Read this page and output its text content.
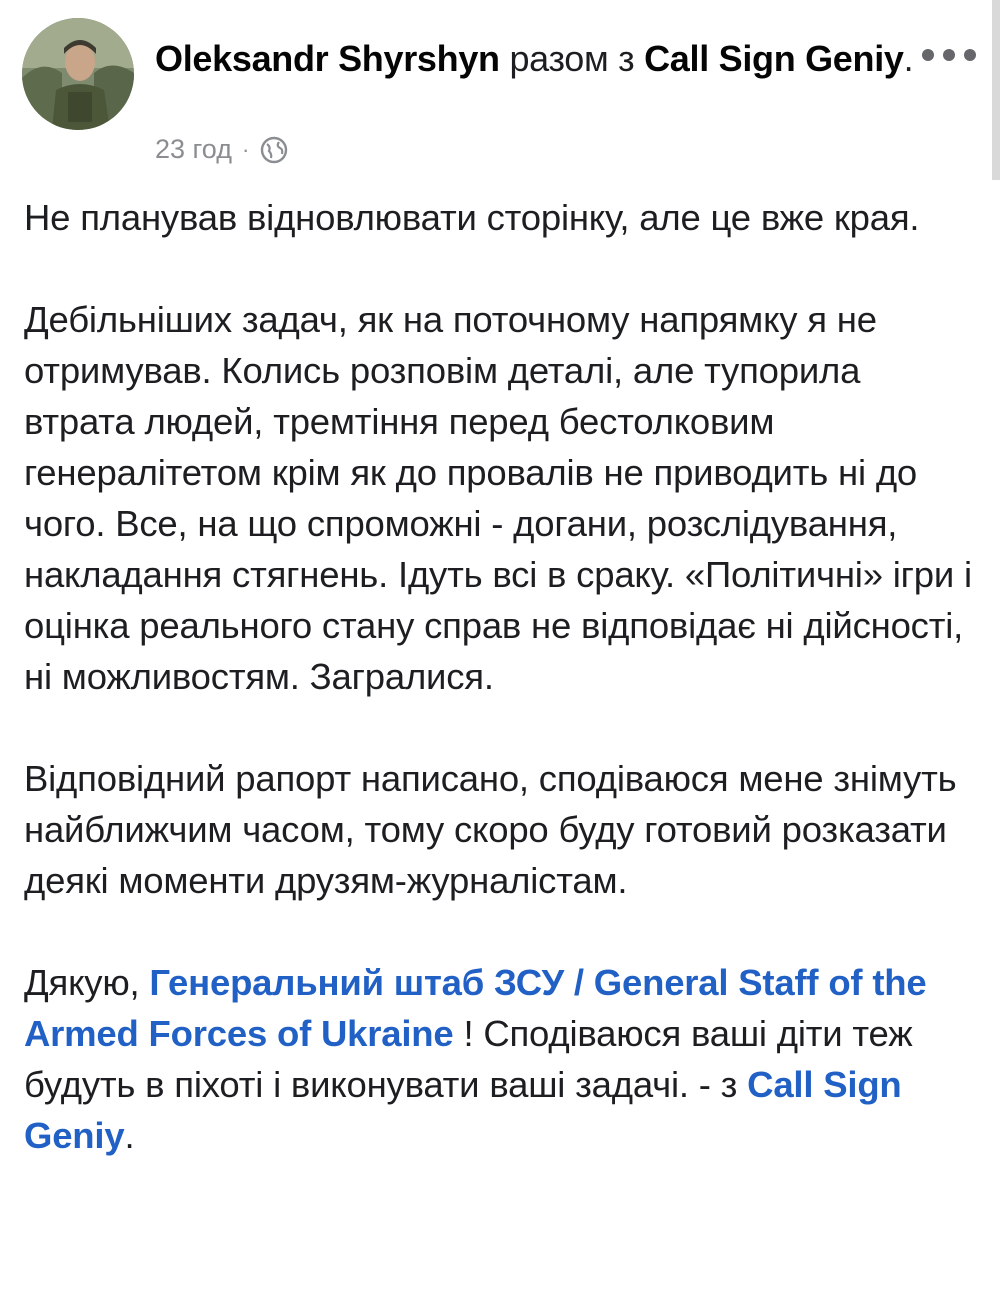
Oleksandr Shyrshyn разом з Call Sign Geniy.
23 год ·

Не планував відновлювати сторінку, але це вже края.

Дебільніших задач, як на поточному напрямку я не отримував. Колись розповім деталі, але тупорила втрата людей, тремтіння перед бестолковим генералітетом крім як до провалів не приводить ні до чого. Все, на що спроможні - догани, розслідування, накладання стягнень. Ідуть всі в сраку. «Політичні» ігри і оцінка реального стану справ не відповідає ні дійсності, ні можливостям. Загралися.

Відповідний рапорт написано, сподіваюся мене знімуть найближчим часом, тому скоро буду готовий розказати деякі моменти друзям-журналістам.

Дякую, Генеральний штаб ЗСУ / General Staff of the Armed Forces of Ukraine ! Сподіваюся ваші діти теж будуть в піхоті і виконувати ваші задачі. - з Call Sign Geniy.
